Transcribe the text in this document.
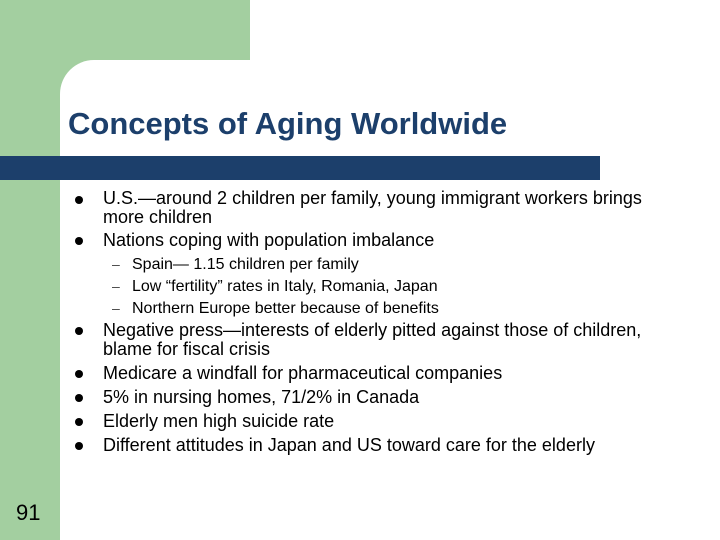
Concepts of Aging Worldwide
U.S.—around 2 children per family, young immigrant workers brings more children
Nations coping with population imbalance
– Spain— 1.15 children per family
– Low “fertility” rates in Italy, Romania, Japan
– Northern Europe better because of benefits
Negative press—interests of elderly pitted against those of children, blame for fiscal crisis
Medicare a windfall for pharmaceutical companies
5% in nursing homes, 71/2% in Canada
Elderly men high suicide rate
Different attitudes in Japan and US toward care for the elderly

91
